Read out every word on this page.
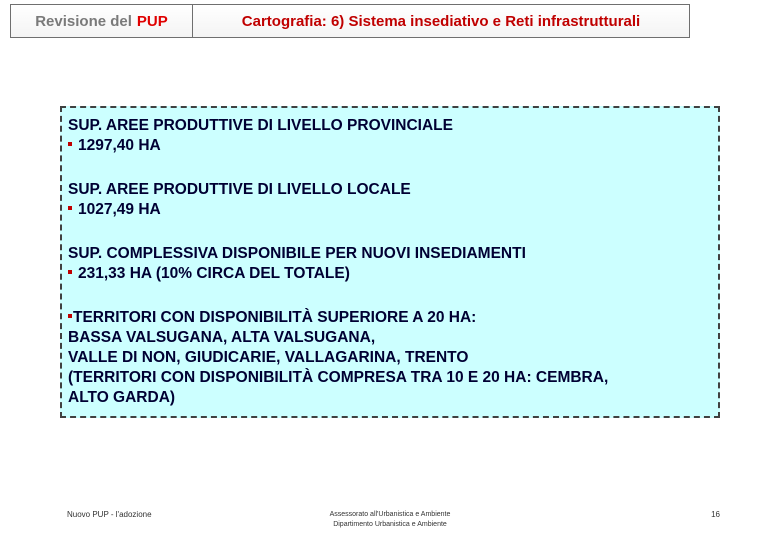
Revisione del PUP	Cartografia: 6) Sistema insediativo e Reti infrastrutturali
SUP. AREE PRODUTTIVE DI LIVELLO PROVINCIALE
1297,40 HA
SUP. AREE PRODUTTIVE DI LIVELLO LOCALE
1027,49 HA
SUP. COMPLESSIVA DISPONIBILE PER NUOVI INSEDIAMENTI
231,33 HA (10% CIRCA DEL TOTALE)
TERRITORI CON DISPONIBILITÀ SUPERIORE A 20 HA:
BASSA VALSUGANA, ALTA VALSUGANA,
VALLE DI NON, GIUDICARIE, VALLAGARINA, TRENTO
(TERRITORI CON DISPONIBILITÀ COMPRESA TRA 10 E 20 HA: CEMBRA,
ALTO GARDA)
Nuovo PUP - l'adozione	Assessorato all'Urbanistica e Ambiente
Dipartimento Urbanistica e Ambiente
16
